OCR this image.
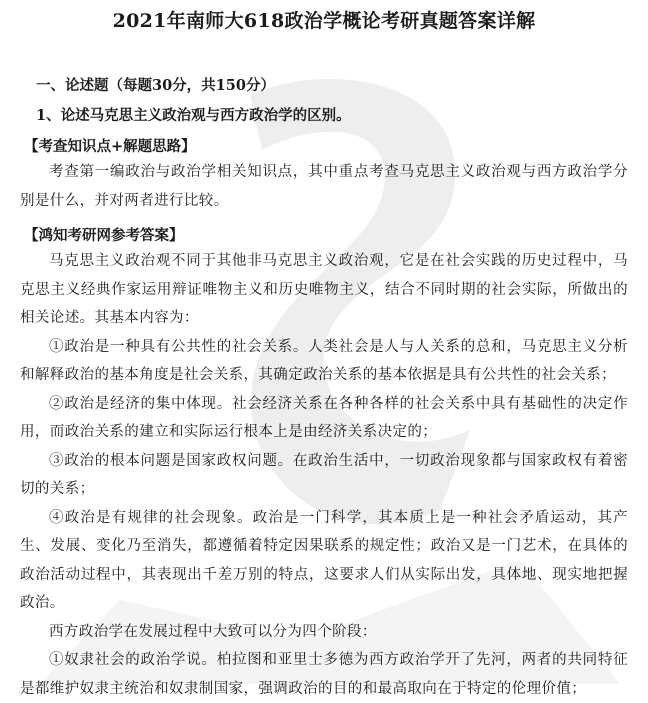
2021年南师大618政治学概论考研真题答案详解
一、论述题（每题30分，共150分）
1、论述马克思主义政治观与西方政治学的区别。
【考查知识点+解题思路】

考查第一编政治与政治学相关知识点，其中重点考查马克思主义政治观与西方政治学分别是什么，并对两者进行比较。

【鸿知考研网参考答案】

马克思主义政治观不同于其他非马克思主义政治观，它是在社会实践的历史过程中，马克思主义经典作家运用辩证唯物主义和历史唯物主义，结合不同时期的社会实际，所做出的相关论述。其基本内容为：

①政治是一种具有公共性的社会关系。人类社会是人与人关系的总和，马克思主义分析和解释政治的基本角度是社会关系，其确定政治关系的基本依据是具有公共性的社会关系；

②政治是经济的集中体现。社会经济关系在各种各样的社会关系中具有基础性的决定作用，而政治关系的建立和实际运行根本上是由经济关系决定的；

③政治的根本问题是国家政权问题。在政治生活中，一切政治现象都与国家政权有着密切的关系；

④政治是有规律的社会现象。政治是一门科学，其本质上是一种社会矛盾运动，其产生、发展、变化乃至消失，都遵循着特定因果联系的规定性；政治又是一门艺术，在具体的政治活动过程中，其表现出千差万别的特点，这要求人们从实际出发，具体地、现实地把握政治。

西方政治学在发展过程中大致可以分为四个阶段：

①奴隶社会的政治学说。柏拉图和亚里士多德为西方政治学开了先河，两者的共同特征是都维护奴隶主统治和奴隶制国家，强调政治的目的和最高取向在于特定的伦理价值；
